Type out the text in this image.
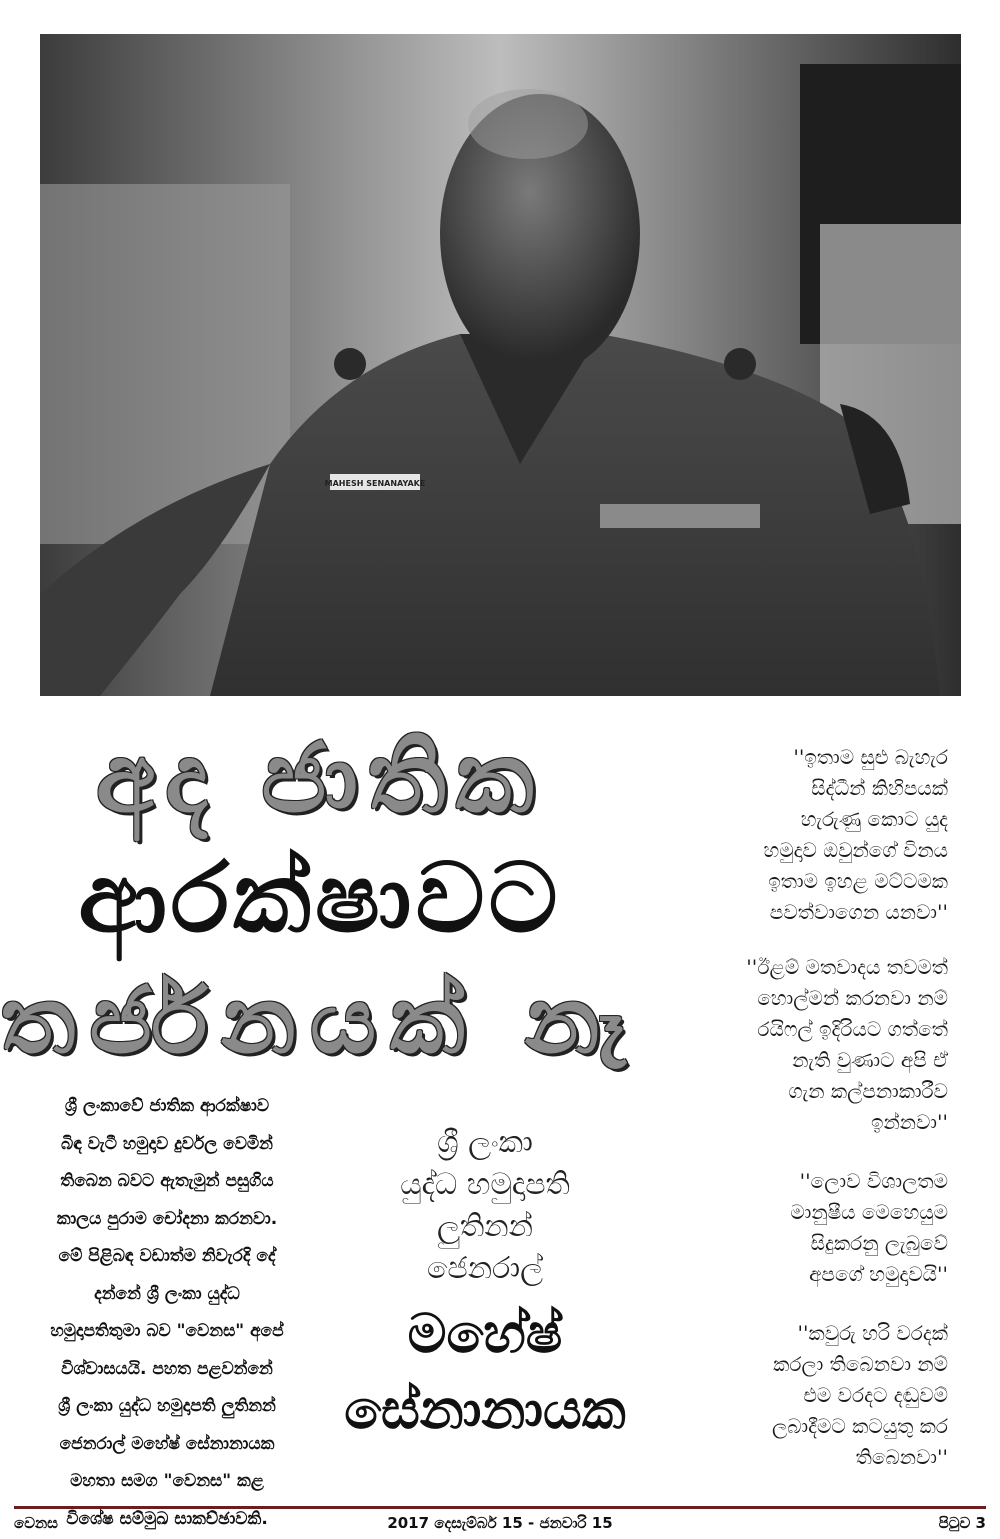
MAHESH SENANAYAKE
අද ජාතික
ආරක්ෂාවට
තර්ජනයක් නෑ
ශ්‍රී ලංකාවේ ජාතික ආරක්ෂාව
බිඳ වැටී හමුදාව දුර්වල වෙමින්
තිබෙන බවට ඇතැමුන් පසුගිය
කාලය පුරාම චෝදනා කරනවා.
මේ පිළිබඳ වඩාත්ම නිවැරදි දේ
දන්නේ ශ්‍රී ලංකා යුද්ධ
හමුදාපතිතුමා බව "වෙනස" අපේ
විශ්වාසයයි. පහත පළවන්නේ
ශ්‍රී ලංකා යුද්ධ හමුදාපති ලුතිනන්
ජෙනරාල් මහේෂ් සේනානායක
මහතා සමග "වෙනස" කළ
විශේෂ සම්මුඛ සාකච්ඡාවකි.
ශ්‍රී ලංකා
යුද්ධ හමුදාපති
ලුතිනන්
ජෙනරාල්
මහේෂ්
සේනානායක
''ඉතාම සුළු බැහැර
සිද්ධීන් කිහිපයක්
හැරුණු කොට යුද
හමුදාව ඔවුන්ගේ විනය
ඉතාම ඉහළ මට්ටමක
පවත්වාගෙන යනවා''
''ඊළම් මතවාදය තවමත්
හොල්මන් කරනවා නම්
රයිෆල් ඉදිරියට ගත්තේ
නැති වුණාට අපි ඒ
ගැන කල්පනාකාරීව
ඉන්නවා''
''ලොව විශාලතම
මානුෂීය මෙහෙයුම
සිදුකරනු ලැබුවේ
අපගේ හමුදාවයි''
''කවුරු හරි වරදක්
කරලා තිබෙනවා නම්
එම වරදට දඬුවම්
ලබාදීමට කටයුතු කර
තිබෙනවා''
වෙනස	2017 දෙසැම්බර් 15 - ජනවාරි 15	පිටුව 3
